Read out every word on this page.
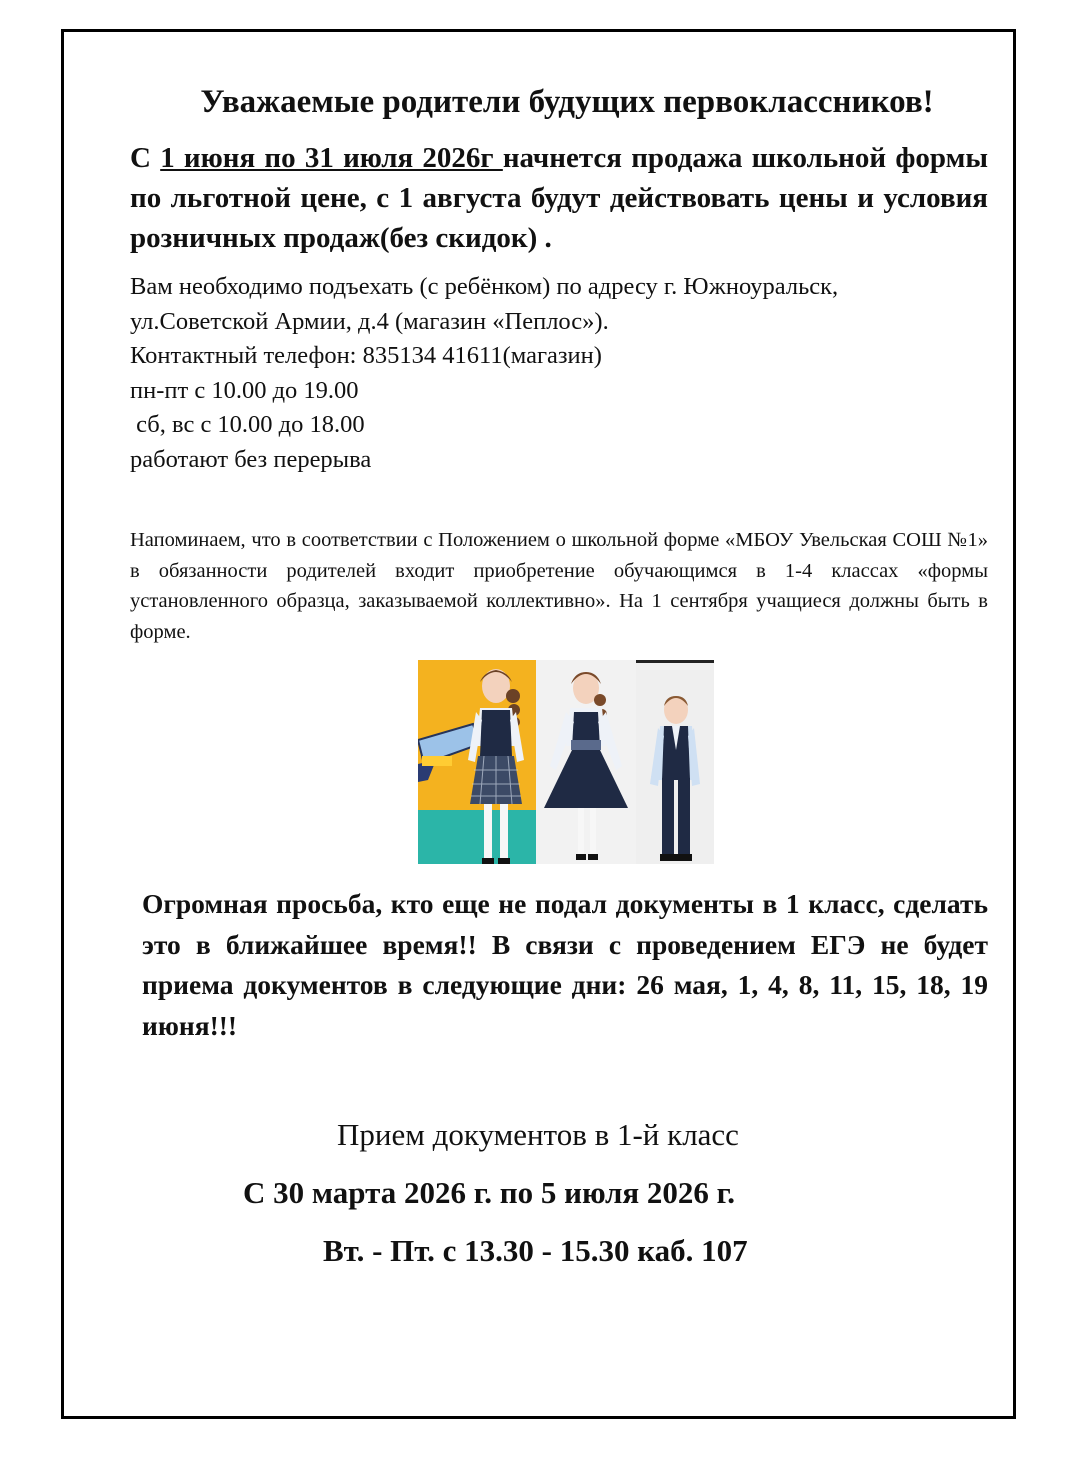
Уважаемые родители будущих первоклассников!

С 1 июня по 31 июля 2026г начнется продажа школьной формы по льготной цене, с 1 августа будут действовать цены и условия розничных продаж(без скидок) .

Вам необходимо подъехать (с ребёнком) по адресу г. Южноуральск,
ул.Советской Армии, д.4 (магазин «Пеплос»).
Контактный телефон: 835134 41611(магазин)
пн-пт с 10.00 до 19.00
сб, вс с 10.00 до 18.00
работают без перерыва

Напоминаем, что в соответствии с Положением о школьной форме «МБОУ Увельская СОШ №1» в обязанности родителей входит приобретение обучающимся в 1-4 классах «формы установленного образца, заказываемой коллективно». На 1 сентября учащиеся должны быть в форме.

Огромная просьба, кто еще не подал документы в 1 класс, сделать это в ближайшее время!! В связи с проведением ЕГЭ не будет приема документов в следующие дни: 26 мая, 1, 4, 8, 11, 15, 18, 19 июня!!!

Прием документов в 1-й класс

С 30 марта 2026 г. по 5 июля 2026 г.

Вт. - Пт. с 13.30 - 15.30 каб. 107
